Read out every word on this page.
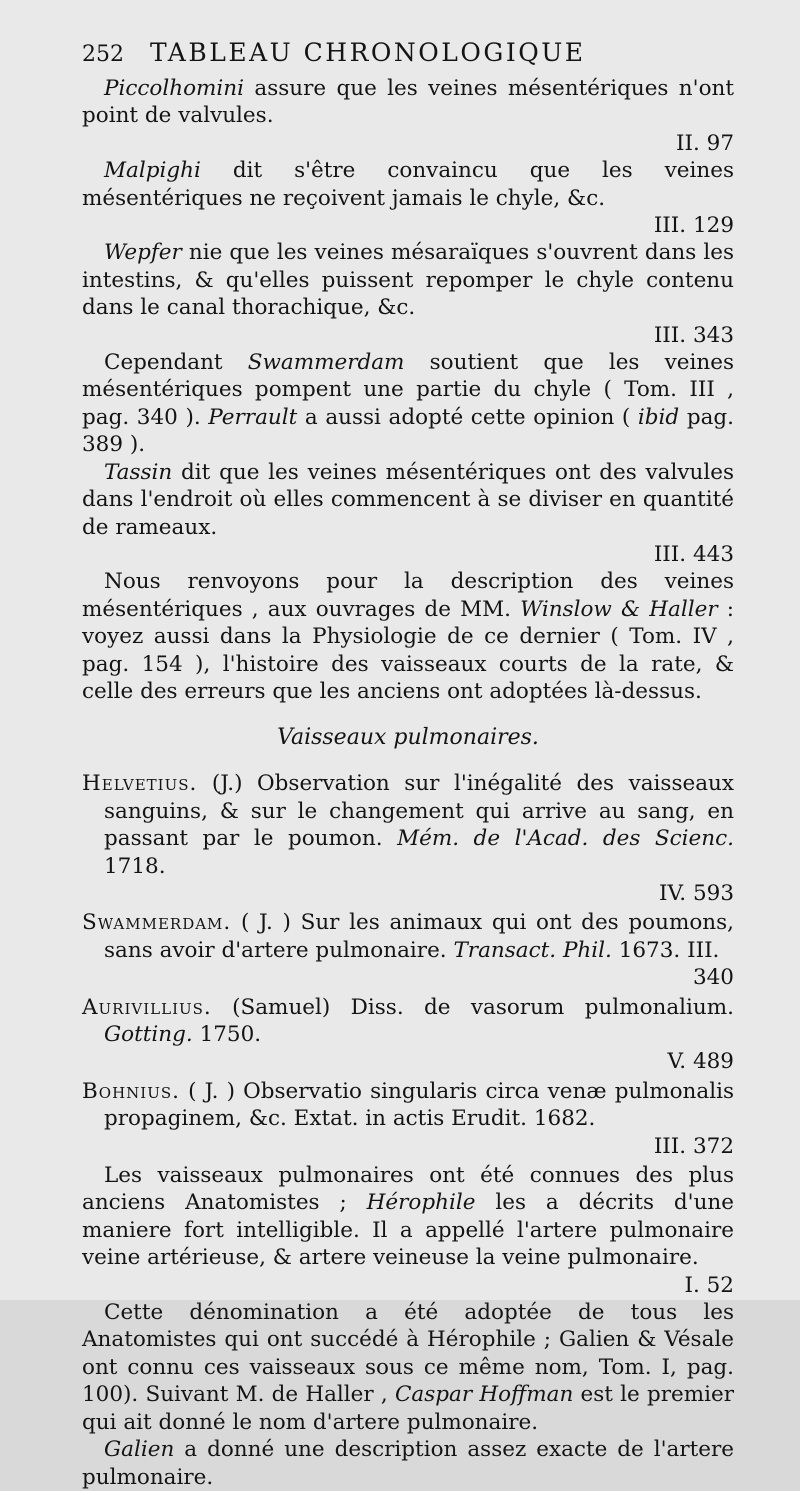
252 TABLEAU CHRONOLOGIQUE

Piccolhomini assure que les veines mésentériques n'ont point de valvules.
II. 97

Malpighi dit s'être convaincu que les veines mésentériques ne reçoivent jamais le chyle, &c.
III. 129

Wepfer nie que les veines mésaraïques s'ouvrent dans les intestins, & qu'elles puissent repomper le chyle contenu dans le canal thorachique, &c.
III. 343

Cependant Swammerdam soutient que les veines mésentériques pompent une partie du chyle ( Tom. III , pag. 340 ). Perrault a aussi adopté cette opinion ( ibid pag. 389 ).

Tassin dit que les veines mésentériques ont des valvules dans l'endroit où elles commencent à se diviser en quantité de rameaux.
III. 443

Nous renvoyons pour la description des veines mésentériques , aux ouvrages de MM. Winslow & Haller : voyez aussi dans la Physiologie de ce dernier ( Tom. IV , pag. 154 ), l'histoire des vaisseaux courts de la rate, & celle des erreurs que les anciens ont adoptées là-dessus.

Vaisseaux pulmonaires.

Helvetius. (J.) Observation sur l'inégalité des vaisseaux sanguins, & sur le changement qui arrive au sang, en passant par le poumon. Mém. de l'Acad. des Scienc. 1718.
IV. 593

Swammerdam. ( J. ) Sur les animaux qui ont des poumons, sans avoir d'artere pulmonaire. Transact. Phil. 1673. III.
340

Aurivillius. (Samuel) Diss. de vasorum pulmonalium. Gotting. 1750.
V. 489

Bohnius. ( J. ) Observatio singularis circa venæ pulmonalis propaginem, &c. Extat. in actis Erudit. 1682.
III. 372

Les vaisseaux pulmonaires ont été connues des plus anciens Anatomistes ; Hérophile les a décrits d'une maniere fort intelligible. Il a appellé l'artere pulmonaire veine artérieuse, & artere veineuse la veine pulmonaire.
I. 52

Cette dénomination a été adoptée de tous les Anatomistes qui ont succédé à Hérophile ; Galien & Vésale ont connu ces vaisseaux sous ce même nom, Tom. I, pag. 100). Suivant M. de Haller , Caspar Hoffman est le premier qui ait donné le nom d'artere pulmonaire.

Galien a donné une description assez exacte de l'artere pulmonaire.
